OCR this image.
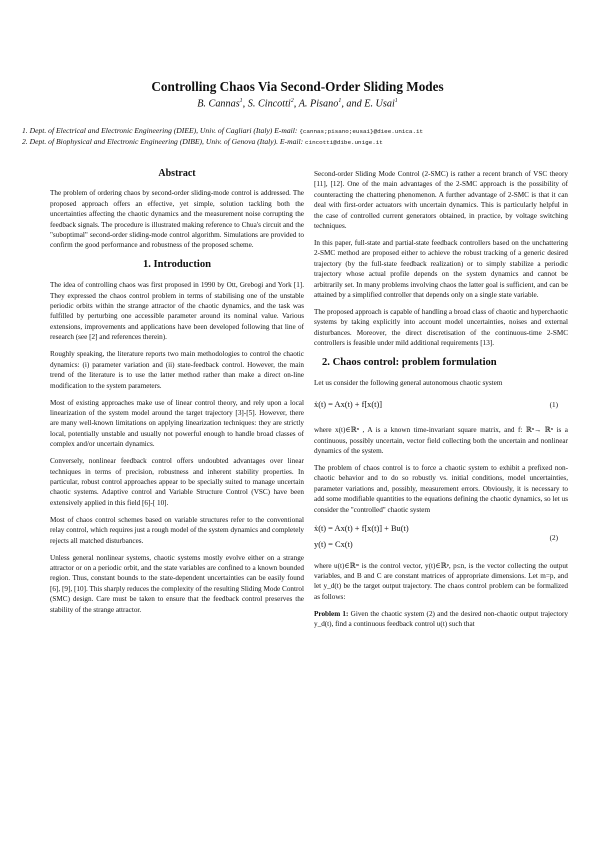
Controlling Chaos Via Second-Order Sliding Modes
B. Cannas$^1$, S. Cincotti$^2$, A. Pisano$^1$, and E. Usai$^1$
1. Dept. of Electrical and Electronic Engineering (DIEE), Univ. of Cagliari (Italy) E-mail: {cannas;pisano;eusai}@diee.unica.it
2. Dept. of Biophysical and Electronic Engineering (DIBE), Univ. of Genova (Italy). E-mail: cincotti@dibe.unige.it
Abstract

The problem of ordering chaos by second-order sliding-mode control is addressed. The proposed approach offers an effective, yet simple, solution tackling both the uncertainties affecting the chaotic dynamics and the measurement noise corrupting the feedback signals. The procedure is illustrated making reference to Chua's circuit and the "suboptimal" second-order sliding-mode control algorithm. Simulations are provided to confirm the good performance and robustness of the proposed scheme.

1. Introduction

The idea of controlling chaos was first proposed in 1990 by Ott, Grebogi and York [1]. They expressed the chaos control problem in terms of stabilising one of the unstable periodic orbits within the strange attractor of the chaotic dynamics, and the task was fulfilled by perturbing one accessible parameter around its nominal value. Various extensions, improvements and applications have been developed following that line of research (see [2] and references therein).

Roughly speaking, the literature reports two main methodologies to control the chaotic dynamics: (i) parameter variation and (ii) state-feedback control. However, the main trend of the literature is to use the latter method rather than make a direct on-line modification to the system parameters.

Most of existing approaches make use of linear control theory, and rely upon a local linearization of the system model around the target trajectory [3]-[5]. However, there are many well-known limitations on applying linearization techniques: they are strictly local, potentially unstable and usually not powerful enough to handle broad classes of complex and/or uncertain dynamics.

Conversely, nonlinear feedback control offers undoubted advantages over linear techniques in terms of precision, robustness and inherent stability properties. In particular, robust control approaches appear to be specially suited to manage uncertain chaotic systems. Adaptive control and Variable Structure Control (VSC) have been extensively applied in this field [6]-[ 10].

Most of chaos control schemes based on variable structures refer to the conventional relay control, which requires just a rough model of the system dynamics and completely rejects all matched disturbances.

Unless general nonlinear systems, chaotic systems mostly evolve either on a strange attractor or on a periodic orbit, and the state variables are confined to a known bounded region. Thus, constant bounds to the state-dependent uncertainties can be easily found [6], [9], [10]. This sharply reduces the complexity of the resulting Sliding Mode Control (SMC) design. Care must be taken to ensure that the feedback control preserves the stability of the strange attractor.

Second-order Sliding Mode Control (2-SMC) is rather a recent branch of VSC theory [11], [12]. One of the main advantages of the 2-SMC approach is the possibility of counteracting the chattering phenomenon. A further advantage of 2-SMC is that it can deal with first-order actuators with uncertain dynamics. This is particularly helpful in the case of controlled current generators obtained, in practice, by voltage switching techniques.

In this paper, full-state and partial-state feedback controllers based on the unchattering 2-SMC method are proposed either to achieve the robust tracking of a generic desired trajectory (by the full-state feedback realization) or to simply stabilize a periodic trajectory whose actual profile depends on the system dynamics and cannot be arbitrarily set. In many problems involving chaos the latter goal is sufficient, and can be attained by a simplified controller that depends only on a single state variable.

The proposed approach is capable of handling a broad class of chaotic and hyperchaotic systems by taking explicitly into account model uncertainties, noises and external disturbances. Moreover, the direct discretisation of the continuous-time 2-SMC controllers is feasible under mild additional requirements [13].

2. Chaos control: problem formulation

Let us consider the following general autonomous chaotic system

ẋ(t) = Ax(t) + f[x(t)]	(1)

where x(t)∈ℝⁿ , A is a known time-invariant square matrix, and f: ℝⁿ→ ℝⁿ is a continuous, possibly uncertain, vector field collecting both the uncertain and nonlinear dynamics of the system.

The problem of chaos control is to force a chaotic system to exhibit a prefixed non-chaotic behavior and to do so robustly vs. initial conditions, model uncertainties, parameter variations and, possibly, measurement errors. Obviously, it is necessary to add some modifiable quantities to the equations defining the chaotic dynamics, so let us consider the "controlled" chaotic system

ẋ(t) = Ax(t) + f[x(t)] + Bu(t)
y(t) = Cx(t)
(2)

where u(t)∈ℝᵐ is the control vector, y(t)∈ℝᵖ, p≤n, is the vector collecting the output variables, and B and C are constant matrices of appropriate dimensions. Let m=p, and let y_d(t) be the target output trajectory. The chaos control problem can be formalized as follows:

Problem 1: Given the chaotic system (2) and the desired non-chaotic output trajectory y_d(t), find a continuous feedback control u(t) such that
